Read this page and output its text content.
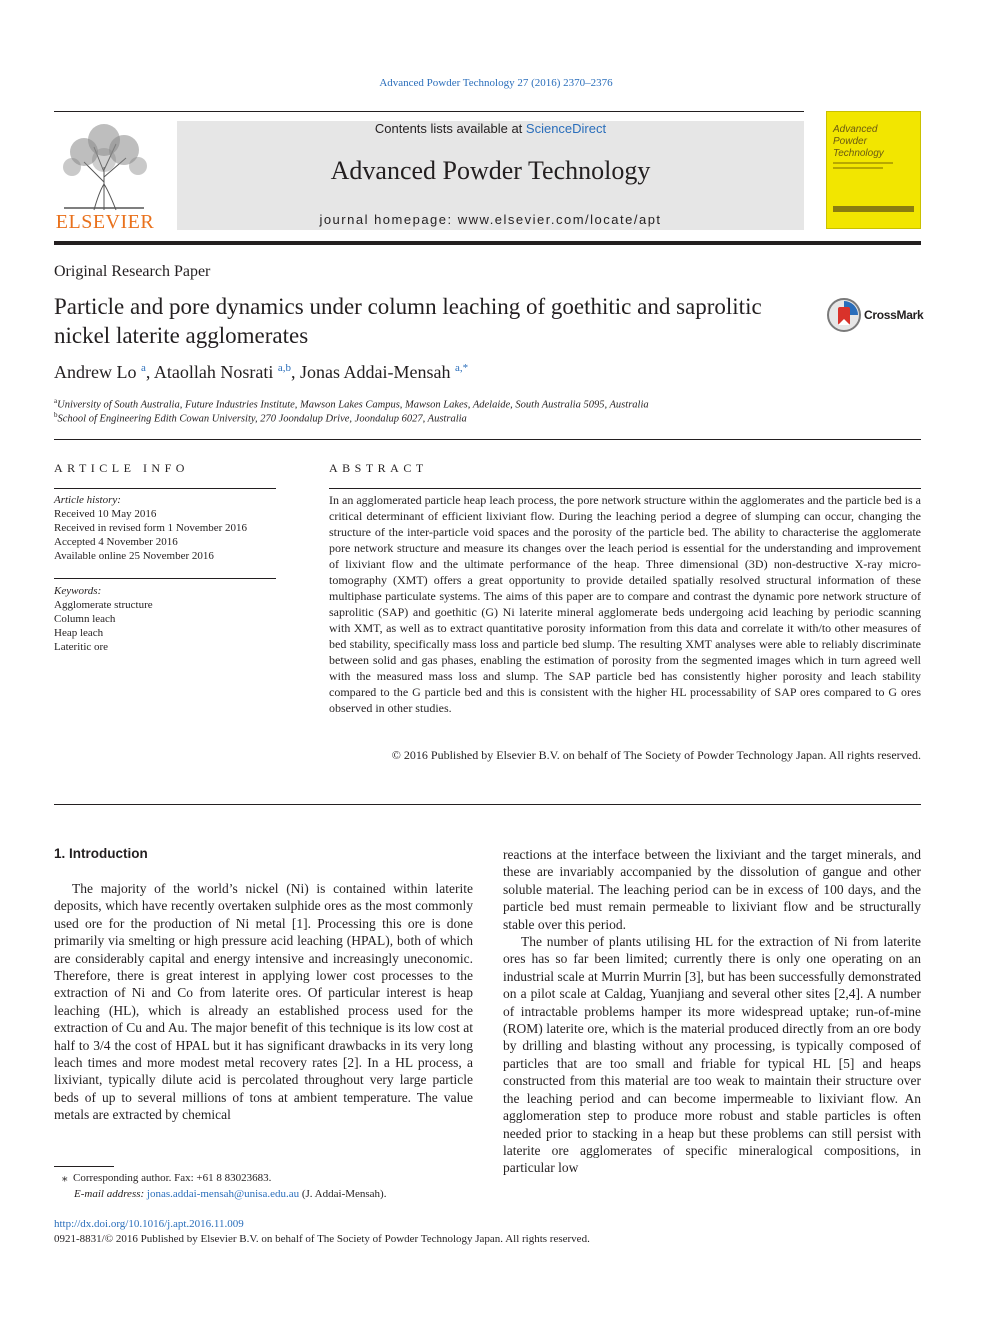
Advanced Powder Technology 27 (2016) 2370–2376
ELSEVIER
Contents lists available at ScienceDirect
Advanced Powder Technology
journal homepage: www.elsevier.com/locate/apt
Advanced Powder Technology
Original Research Paper
Particle and pore dynamics under column leaching of goethitic and saprolitic nickel laterite agglomerates
CrossMark
Andrew Lo $^a$, Ataollah Nosrati $^{a,b}$, Jonas Addai-Mensah $^{a,*}$
$^a$University of South Australia, Future Industries Institute, Mawson Lakes Campus, Mawson Lakes, Adelaide, South Australia 5095, Australia
$^b$School of Engineering Edith Cowan University, 270 Joondalup Drive, Joondalup 6027, Australia
ARTICLE INFO
Article history:
Received 10 May 2016
Received in revised form 1 November 2016
Accepted 4 November 2016
Available online 25 November 2016
Keywords:
Agglomerate structure
Column leach
Heap leach
Lateritic ore
ABSTRACT
In an agglomerated particle heap leach process, the pore network structure within the agglomerates and the particle bed is a critical determinant of efficient lixiviant flow. During the leaching period a degree of slumping can occur, changing the structure of the inter-particle void spaces and the porosity of the particle bed. The ability to characterise the agglomerate pore network structure and measure its changes over the leach period is essential for the understanding and improvement of lixiviant flow and the ultimate performance of the heap. Three dimensional (3D) non-destructive X-ray micro-tomography (XMT) offers a great opportunity to provide detailed spatially resolved structural information of these multiphase particulate systems. The aims of this paper are to compare and contrast the dynamic pore network structure of saprolitic (SAP) and goethitic (G) Ni laterite mineral agglomerate beds undergoing acid leaching by periodic scanning with XMT, as well as to extract quantitative porosity information from this data and correlate it with/to other measures of bed stability, specifically mass loss and particle bed slump. The resulting XMT analyses were able to reliably discriminate between solid and gas phases, enabling the estimation of porosity from the segmented images which in turn agreed well with the measured mass loss and slump. The SAP particle bed has consistently higher porosity and leach stability compared to the G particle bed and this is consistent with the higher HL processability of SAP ores compared to G ores observed in other studies.
© 2016 Published by Elsevier B.V. on behalf of The Society of Powder Technology Japan. All rights reserved.
1. Introduction

The majority of the world’s nickel (Ni) is contained within laterite deposits, which have recently overtaken sulphide ores as the most commonly used ore for the production of Ni metal [1]. Processing this ore is done primarily via smelting or high pressure acid leaching (HPAL), both of which are considerably capital and energy intensive and increasingly uneconomic. Therefore, there is great interest in applying lower cost processes to the extraction of Ni and Co from laterite ores. Of particular interest is heap leaching (HL), which is already an established process used for the extraction of Cu and Au. The major benefit of this technique is its low cost at half to 3/4 the cost of HPAL but it has significant drawbacks in its very long leach times and more modest metal recovery rates [2]. In a HL process, a lixiviant, typically dilute acid is percolated throughout very large particle beds of up to several millions of tons at ambient temperature. The value metals are extracted by chemical

reactions at the interface between the lixiviant and the target minerals, and these are invariably accompanied by the dissolution of gangue and other soluble material. The leaching period can be in excess of 100 days, and the particle bed must remain permeable to lixiviant flow and be structurally stable over this period.

The number of plants utilising HL for the extraction of Ni from laterite ores has so far been limited; currently there is only one operating on an industrial scale at Murrin Murrin [3], but has been successfully demonstrated on a pilot scale at Caldag, Yuanjiang and several other sites [2,4]. A number of intractable problems hamper its more widespread uptake; run-of-mine (ROM) laterite ore, which is the material produced directly from an ore body by drilling and blasting without any processing, is typically composed of particles that are too small and friable for typical HL [5] and heaps constructed from this material are too weak to maintain their structure over the leaching period and can become impermeable to lixiviant flow. An agglomeration step to produce more robust and stable particles is often needed prior to stacking in a heap but these problems can still persist with laterite ore agglomerates of specific mineralogical compositions, in particular low

⁎  Corresponding author. Fax: +61 8 83023683.
E-mail address: jonas.addai-mensah@unisa.edu.au (J. Addai-Mensah).
http://dx.doi.org/10.1016/j.apt.2016.11.009
0921-8831/© 2016 Published by Elsevier B.V. on behalf of The Society of Powder Technology Japan. All rights reserved.
